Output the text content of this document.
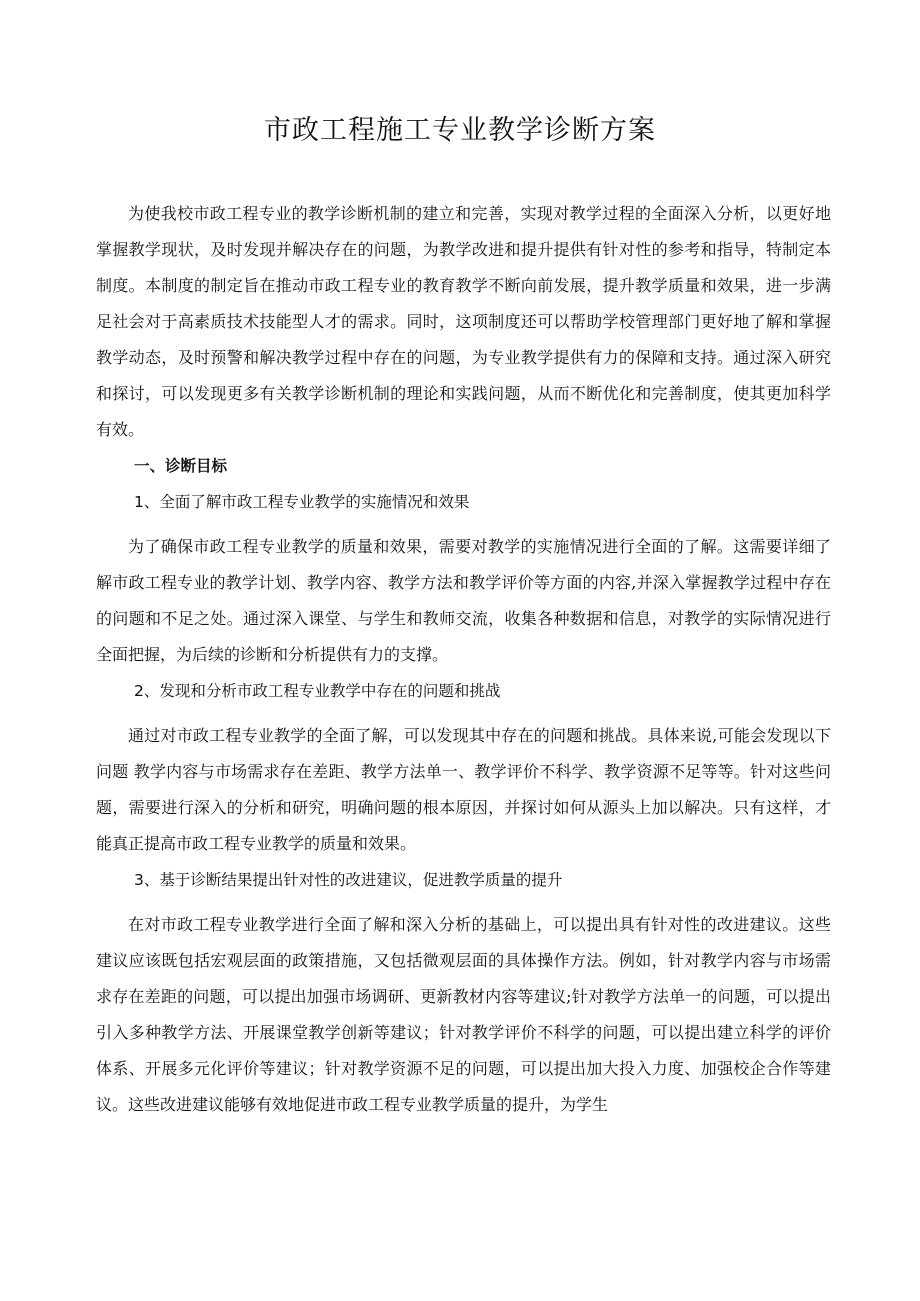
市政工程施工专业教学诊断方案

为使我校市政工程专业的教学诊断机制的建立和完善，实现对教学过程的全面深入分析，以更好地掌握教学现状，及时发现并解决存在的问题，为教学改进和提升提供有针对性的参考和指导，特制定本制度。本制度的制定旨在推动市政工程专业的教育教学不断向前发展，提升教学质量和效果，进一步满足社会对于高素质技术技能型人才的需求。同时，这项制度还可以帮助学校管理部门更好地了解和掌握教学动态，及时预警和解决教学过程中存在的问题，为专业教学提供有力的保障和支持。通过深入研究和探讨，可以发现更多有关教学诊断机制的理论和实践问题，从而不断优化和完善制度，使其更加科学有效。

一、诊断目标

1、全面了解市政工程专业教学的实施情况和效果

为了确保市政工程专业教学的质量和效果，需要对教学的实施情况进行全面的了解。这需要详细了解市政工程专业的教学计划、教学内容、教学方法和教学评价等方面的内容,并深入掌握教学过程中存在的问题和不足之处。通过深入课堂、与学生和教师交流，收集各种数据和信息，对教学的实际情况进行全面把握，为后续的诊断和分析提供有力的支撑。

2、发现和分析市政工程专业教学中存在的问题和挑战

通过对市政工程专业教学的全面了解，可以发现其中存在的问题和挑战。具体来说,可能会发现以下问题 教学内容与市场需求存在差距、教学方法单一、教学评价不科学、教学资源不足等等。针对这些问题，需要进行深入的分析和研究，明确问题的根本原因，并探讨如何从源头上加以解决。只有这样，才能真正提高市政工程专业教学的质量和效果。

3、基于诊断结果提出针对性的改进建议，促进教学质量的提升

在对市政工程专业教学进行全面了解和深入分析的基础上，可以提出具有针对性的改进建议。这些建议应该既包括宏观层面的政策措施，又包括微观层面的具体操作方法。例如，针对教学内容与市场需求存在差距的问题，可以提出加强市场调研、更新教材内容等建议;针对教学方法单一的问题，可以提出引入多种教学方法、开展课堂教学创新等建议；针对教学评价不科学的问题，可以提出建立科学的评价体系、开展多元化评价等建议；针对教学资源不足的问题，可以提出加大投入力度、加强校企合作等建议。这些改进建议能够有效地促进市政工程专业教学质量的提升，为学生
